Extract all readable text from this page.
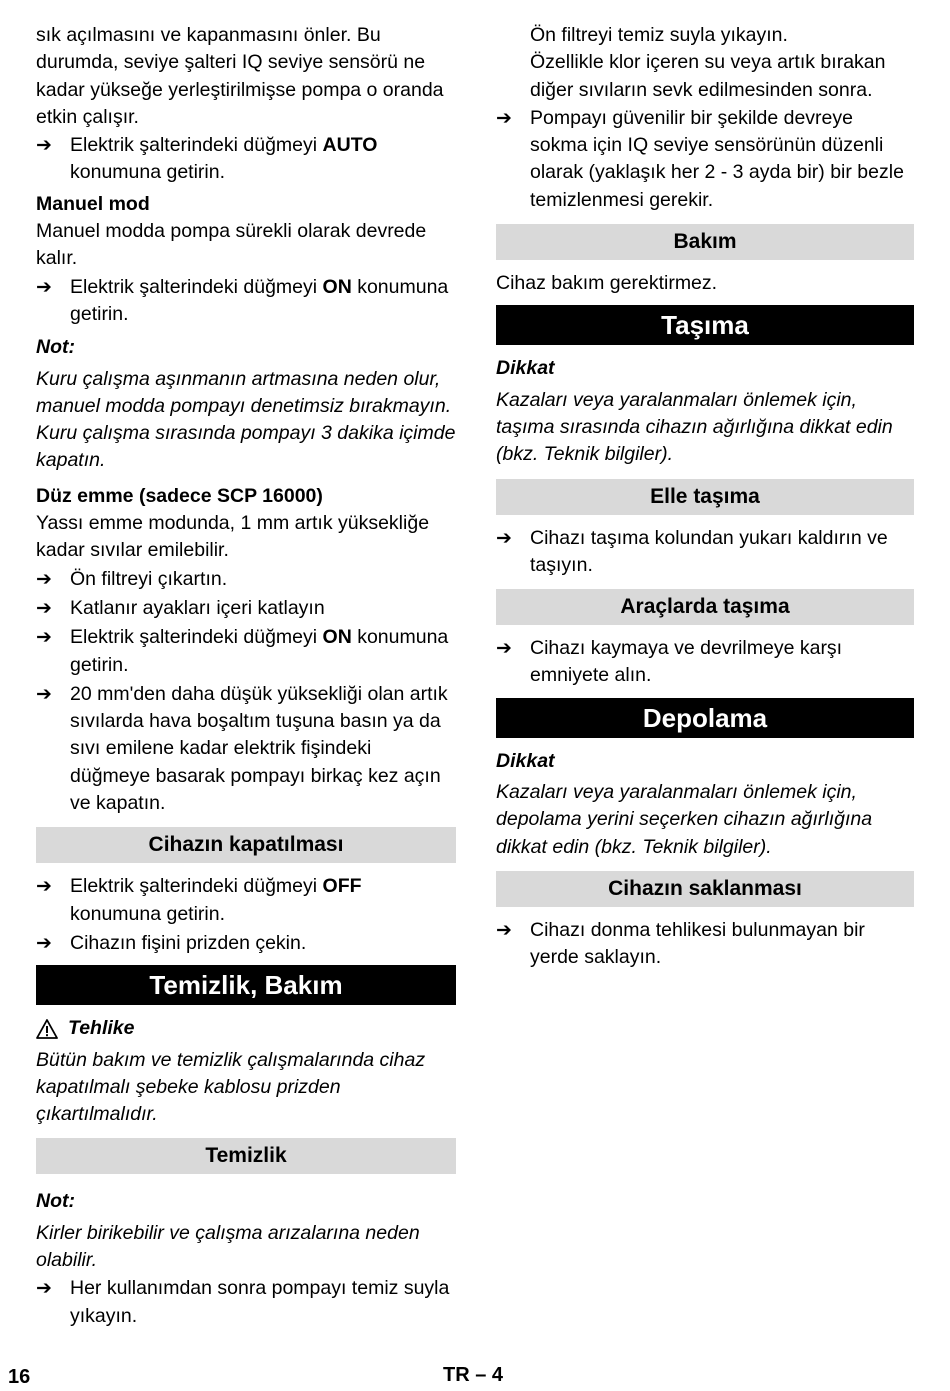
sık açılmasını ve kapanmasını önler. Bu durumda, seviye şalteri IQ seviye sensörü ne kadar yükseğe yerleştirilmişse pompa o oranda etkin çalışır.

➔ Elektrik şalterindeki düğmeyi AUTO konumuna getirin.

Manuel mod

Manuel modda pompa sürekli olarak devrede kalır.

➔ Elektrik şalterindeki düğmeyi ON konumuna getirin.

Not:

Kuru çalışma aşınmanın artmasına neden olur, manuel modda pompayı denetimsiz bırakmayın. Kuru çalışma sırasında pompayı 3 dakika içimde kapatın.

Düz emme (sadece SCP 16000)

Yassı emme modunda, 1 mm artık yüksekliğe kadar sıvılar emilebilir.

➔ Ön filtreyi çıkartın.
➔ Katlanır ayakları içeri katlayın
➔ Elektrik şalterindeki düğmeyi ON konumuna getirin.
➔ 20 mm'den daha düşük yüksekliği olan artık sıvılarda hava boşaltım tuşuna basın ya da sıvı emilene kadar elektrik fişindeki düğmeye basarak pompayı birkaç kez açın ve kapatın.
Cihazın kapatılması
➔ Elektrik şalterindeki düğmeyi OFF konumuna getirin.
➔ Cihazın fişini prizden çekin.
Temizlik, Bakım
Tehlike

Bütün bakım ve temizlik çalışmalarında cihaz kapatılmalı şebeke kablosu prizden çıkartılmalıdır.

Temizlik

Not:

Kirler birikebilir ve çalışma arızalarına neden olabilir.

➔ Her kullanımdan sonra pompayı temiz suyla yıkayın.

Ön filtreyi temiz suyla yıkayın.

Özellikle klor içeren su veya artık bırakan diğer sıvıların sevk edilmesinden sonra.

➔ Pompayı güvenilir bir şekilde devreye sokma için IQ seviye sensörünün düzenli olarak (yaklaşık her 2 - 3 ayda bir) bir bezle temizlenmesi gerekir.
Bakım

Cihaz bakım gerektirmez.

Taşıma

Dikkat

Kazaları veya yaralanmaları önlemek için, taşıma sırasında cihazın ağırlığına dikkat edin (bkz. Teknik bilgiler).

Elle taşıma
➔ Cihazı taşıma kolundan yukarı kaldırın ve taşıyın.
Araçlarda taşıma
➔ Cihazı kaymaya ve devrilmeye karşı emniyete alın.
Depolama

Dikkat

Kazaları veya yaralanmaları önlemek için, depolama yerini seçerken cihazın ağırlığına dikkat edin (bkz. Teknik bilgiler).

Cihazın saklanması
➔ Cihazı donma tehlikesi bulunmayan bir yerde saklayın.
16	TR – 4
